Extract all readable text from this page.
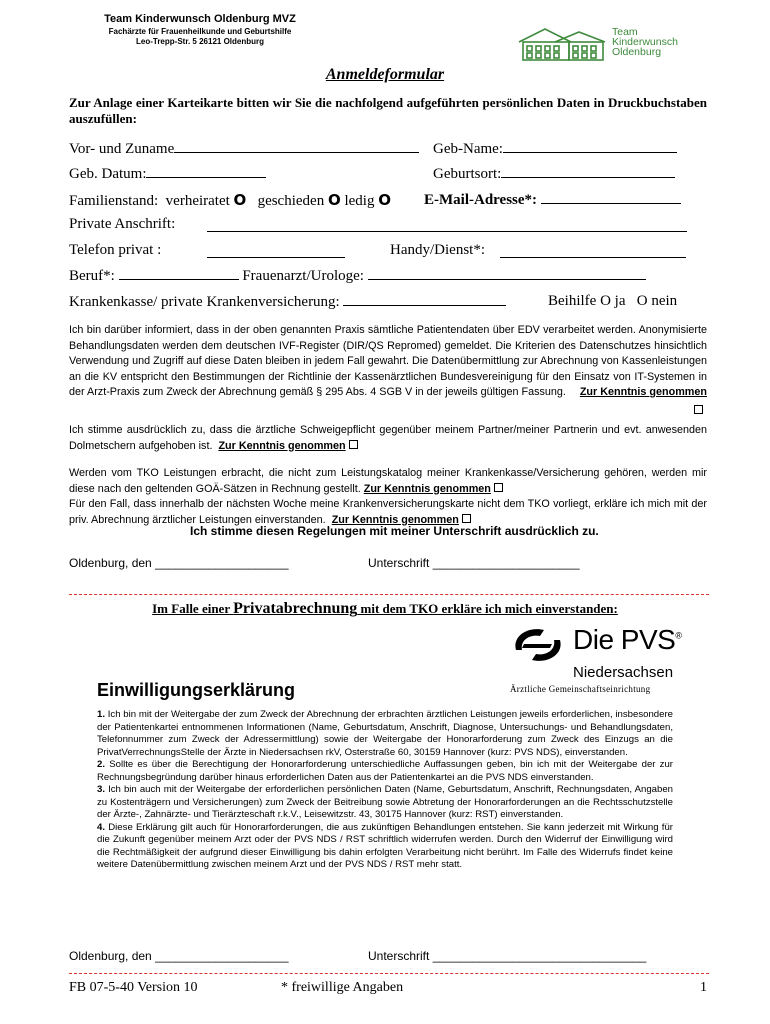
Team Kinderwunsch Oldenburg MVZ
Fachärzte für Frauenheilkunde und Geburtshilfe
Leo-Trepp-Str. 5 26121 Oldenburg
Team
Kinderwunsch
Oldenburg
Anmeldeformular
Zur Anlage einer Karteikarte bitten wir Sie die nachfolgend aufgeführten persönlichen Daten in Druckbuchstaben auszufüllen:
Vor- und Zuname	Geb-Name:
Geb. Datum:	Geburtsort:
Familienstand: verheiratet O geschieden O ledig O E-Mail-Adresse*:
Private Anschrift:
Telefon privat :	Handy/Dienst*:
Beruf*:	Frauenarzt/Urologe:
Krankenkasse/ private Krankenversicherung:	Beihilfe O ja O nein
Ich bin darüber informiert, dass in der oben genannten Praxis sämtliche Patientendaten über EDV verarbeitet werden. Anonymisierte Behandlungsdaten werden dem deutschen IVF-Register (DIR/QS Repromed) gemeldet. Die Kriterien des Datenschutzes hinsichtlich Verwendung und Zugriff auf diese Daten bleiben in jedem Fall gewahrt. Die Datenübermittlung zur Abrechnung von Kassenleistungen an die KV entspricht den Bestimmungen der Richtlinie der Kassenärztlichen Bundesvereinigung für den Einsatz von IT-Systemen in der Arzt-Praxis zum Zweck der Abrechnung gemäß § 295 Abs. 4 SGB V in der jeweils gültigen Fassung. Zur Kenntnis genommen
Ich stimme ausdrücklich zu, dass die ärztliche Schweigepflicht gegenüber meinem Partner/meiner Partnerin und evt. anwesenden Dolmetschern aufgehoben ist. Zur Kenntnis genommen
Werden vom TKO Leistungen erbracht, die nicht zum Leistungskatalog meiner Krankenkasse/Versicherung gehören, werden mir diese nach den geltenden GOÄ-Sätzen in Rechnung gestellt. Zur Kenntnis genommen
Für den Fall, dass innerhalb der nächsten Woche meine Krankenversicherungskarte nicht dem TKO vorliegt, erkläre ich mich mit der priv. Abrechnung ärztlicher Leistungen einverstanden. Zur Kenntnis genommen
Ich stimme diesen Regelungen mit meiner Unterschrift ausdrücklich zu.
Oldenburg, den ____________________	Unterschrift ______________________
Im Falle einer Privatabrechnung mit dem TKO erkläre ich mich einverstanden:
Die PVS®
Niedersachsen
Ärztliche Gemeinschaftseinrichtung
Einwilligungserklärung

1. Ich bin mit der Weitergabe der zum Zweck der Abrechnung der erbrachten ärztlichen Leistungen jeweils erforderlichen, insbesondere der Patientenkartei entnommenen Informationen (Name, Geburtsdatum, Anschrift, Diagnose, Untersuchungs- und Behandlungsdaten, Telefonnummer zum Zweck der Adressermittlung) sowie der Weitergabe der Honorarforderung zum Zweck des Einzugs an die PrivatVerrechnungsStelle der Ärzte in Niedersachsen rkV, Osterstraße 60, 30159 Hannover (kurz: PVS NDS), einverstanden.

2. Sollte es über die Berechtigung der Honorarforderung unterschiedliche Auffassungen geben, bin ich mit der Weitergabe der zur Rechnungsbegründung darüber hinaus erforderlichen Daten aus der Patientenkartei an die PVS NDS einverstanden.

3. Ich bin auch mit der Weitergabe der erforderlichen persönlichen Daten (Name, Geburtsdatum, Anschrift, Rechnungsdaten, Angaben zu Kostenträgern und Versicherungen) zum Zweck der Beitreibung sowie Abtretung der Honorarforderungen an die Rechtsschutzstelle der Ärzte-, Zahnärzte- und Tierärzteschaft r.k.V., Leisewitzstr. 43, 30175 Hannover (kurz: RST) einverstanden.

4. Diese Erklärung gilt auch für Honorarforderungen, die aus zukünftigen Behandlungen entstehen. Sie kann jederzeit mit Wirkung für die Zukunft gegenüber meinem Arzt oder der PVS NDS / RST schriftlich widerrufen werden. Durch den Widerruf der Einwilligung wird die Rechtmäßigkeit der aufgrund dieser Einwilligung bis dahin erfolgten Verarbeitung nicht berührt. Im Falle des Widerrufs findet keine weitere Datenübermittlung zwischen meinem Arzt und der PVS NDS / RST mehr statt.

Oldenburg, den ____________________	Unterschrift ________________________________
FB 07-5-40 Version 10	* freiwillige Angaben	1
